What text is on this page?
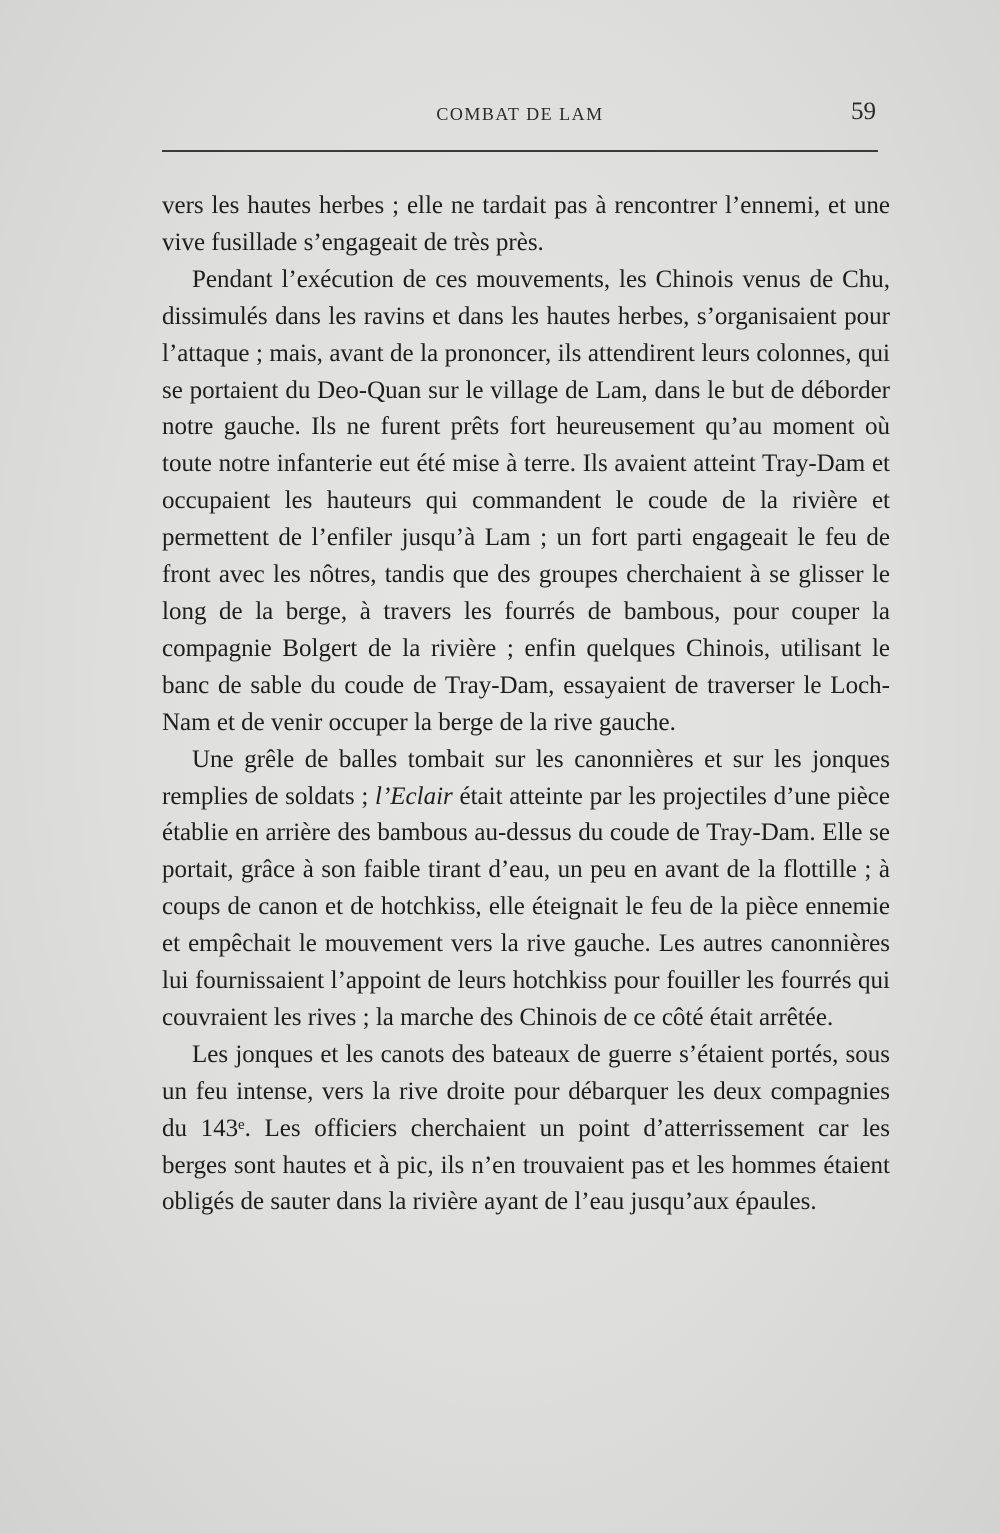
COMBAT DE LAM	59

vers les hautes herbes ; elle ne tardait pas à rencontrer l’ennemi, et une vive fusillade s’engageait de très près.

Pendant l’exécution de ces mouvements, les Chinois venus de Chu, dissimulés dans les ravins et dans les hautes herbes, s’organisaient pour l’attaque ; mais, avant de la prononcer, ils attendirent leurs colonnes, qui se portaient du Deo-Quan sur le village de Lam, dans le but de déborder notre gauche. Ils ne furent prêts fort heureusement qu’au moment où toute notre infanterie eut été mise à terre. Ils avaient atteint Tray-Dam et occupaient les hauteurs qui commandent le coude de la rivière et permettent de l’enfiler jusqu’à Lam ; un fort parti engageait le feu de front avec les nôtres, tandis que des groupes cherchaient à se glisser le long de la berge, à travers les fourrés de bambous, pour couper la compagnie Bolgert de la rivière ; enfin quelques Chinois, utilisant le banc de sable du coude de Tray-Dam, essayaient de traverser le Loch-Nam et de venir occuper la berge de la rive gauche.

Une grêle de balles tombait sur les canonnières et sur les jonques remplies de soldats ; l’Eclair était atteinte par les projectiles d’une pièce établie en arrière des bambous au-dessus du coude de Tray-Dam. Elle se portait, grâce à son faible tirant d’eau, un peu en avant de la flottille ; à coups de canon et de hotchkiss, elle éteignait le feu de la pièce ennemie et empêchait le mouvement vers la rive gauche. Les autres canonnières lui fournissaient l’appoint de leurs hotchkiss pour fouiller les fourrés qui couvraient les rives ; la marche des Chinois de ce côté était arrêtée.

Les jonques et les canots des bateaux de guerre s’étaient portés, sous un feu intense, vers la rive droite pour débarquer les deux compagnies du 143ᵉ. Les officiers cherchaient un point d’atterrissement car les berges sont hautes et à pic, ils n’en trouvaient pas et les hommes étaient obligés de sauter dans la rivière ayant de l’eau jusqu’aux épaules.
